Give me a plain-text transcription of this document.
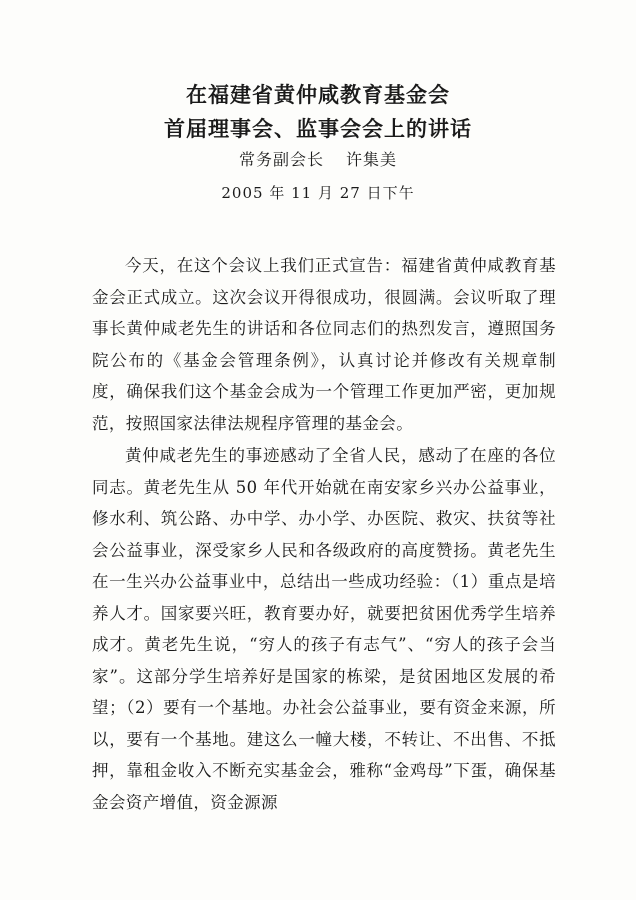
在福建省黄仲咸教育基金会
首届理事会、监事会会上的讲话
常务副会长 许集美
2005 年 11 月 27 日下午

今天，在这个会议上我们正式宣告：福建省黄仲咸教育基金会正式成立。这次会议开得很成功，很圆满。会议听取了理事长黄仲咸老先生的讲话和各位同志们的热烈发言，遵照国务院公布的《基金会管理条例》，认真讨论并修改有关规章制度，确保我们这个基金会成为一个管理工作更加严密，更加规范，按照国家法律法规程序管理的基金会。

黄仲咸老先生的事迹感动了全省人民，感动了在座的各位同志。黄老先生从 50 年代开始就在南安家乡兴办公益事业，修水利、筑公路、办中学、办小学、办医院、救灾、扶贫等社会公益事业，深受家乡人民和各级政府的高度赞扬。黄老先生在一生兴办公益事业中，总结出一些成功经验：（1）重点是培养人才。国家要兴旺，教育要办好，就要把贫困优秀学生培养成才。黄老先生说，“穷人的孩子有志气”、“穷人的孩子会当家”。这部分学生培养好是国家的栋梁，是贫困地区发展的希望；（2）要有一个基地。办社会公益事业，要有资金来源，所以，要有一个基地。建这么一幢大楼，不转让、不出售、不抵押，靠租金收入不断充实基金会，雅称“金鸡母”下蛋，确保基金会资产增值，资金源源
